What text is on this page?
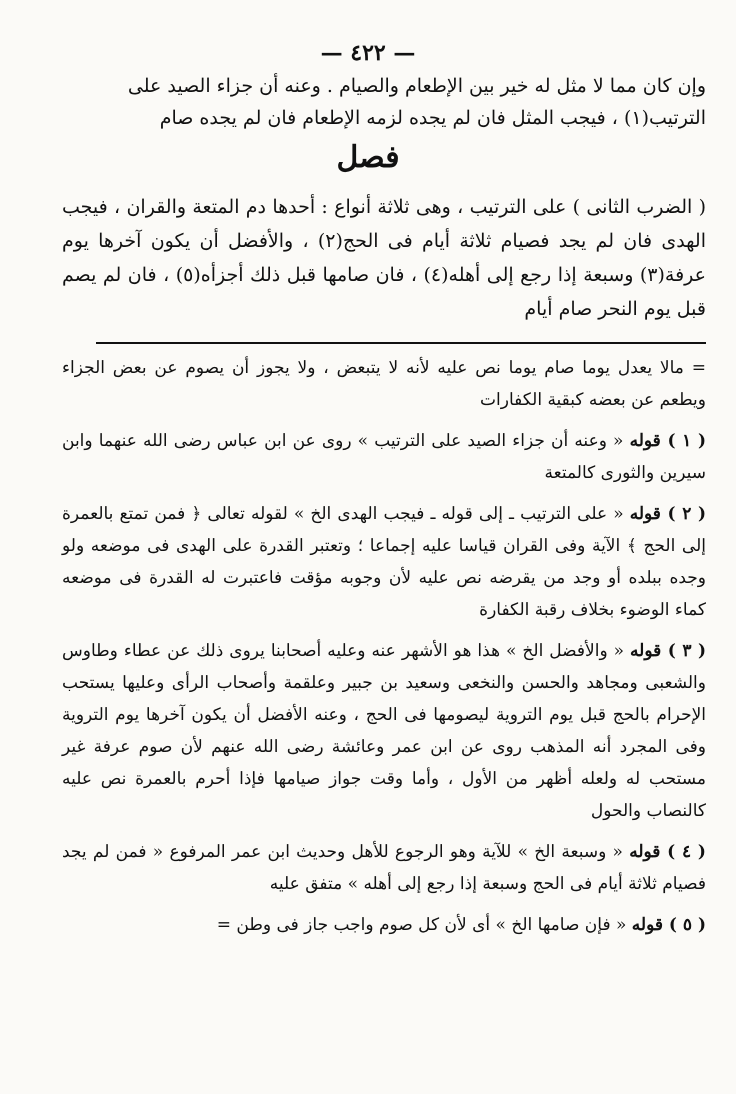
— ٤٢٢ —

وإن كان مما لا مثل له خير بين الإطعام والصيام . وعنه أن جزاء الصيد على

الترتيب(١) ، فيجب المثل فان لم يجده لزمه الإطعام فان لم يجده صام

فصل
( الضرب الثانى ) على الترتيب ، وهى ثلاثة أنواع : أحدها دم المتعة والقران ، فيجب الهدى فان لم يجد فصيام ثلاثة أيام فى الحج(٢) ، والأفضل أن يكون آخرها يوم عرفة(٣) وسبعة إذا رجع إلى أهله(٤) ، فان صامها قبل ذلك أجزأه(٥) ، فان لم يصم قبل يوم النحر صام أيام

= مالا يعدل يوما صام يوما نص عليه لأنه لا يتبعض ، ولا يجوز أن يصوم عن بعض الجزاء ويطعم عن بعضه كبقية الكفارات

( ١ ) قوله « وعنه أن جزاء الصيد على الترتيب » روى عن ابن عباس رضى الله عنهما وابن سيرين والثورى كالمتعة

( ٢ ) قوله « على الترتيب ـ إلى قوله ـ فيجب الهدى الخ » لقوله تعالى ﴿ فمن تمتع بالعمرة إلى الحج ﴾ الآية وفى القران قياسا عليه إجماعا ؛ وتعتبر القدرة على الهدى فى موضعه ولو وجده ببلده أو وجد من يقرضه نص عليه لأن وجوبه مؤقت فاعتبرت له القدرة فى موضعه كماء الوضوء بخلاف رقبة الكفارة

( ٣ ) قوله « والأفضل الخ » هذا هو الأشهر عنه وعليه أصحابنا يروى ذلك عن عطاء وطاوس والشعبى ومجاهد والحسن والنخعى وسعيد بن جبير وعلقمة وأصحاب الرأى وعليها يستحب الإحرام بالحج قبل يوم التروية ليصومها فى الحج ، وعنه الأفضل أن يكون آخرها يوم التروية وفى المجرد أنه المذهب روى عن ابن عمر وعائشة رضى الله عنهم لأن صوم عرفة غير مستحب له ولعله أظهر من الأول ، وأما وقت جواز صيامها فإذا أحرم بالعمرة نص عليه كالنصاب والحول

( ٤ ) قوله « وسبعة الخ » للآية وهو الرجوع للأهل وحديث ابن عمر المرفوع « فمن لم يجد فصيام ثلاثة أيام فى الحج وسبعة إذا رجع إلى أهله » متفق عليه

( ٥ ) قوله « فإن صامها الخ » أى لأن كل صوم واجب جاز فى وطن =
